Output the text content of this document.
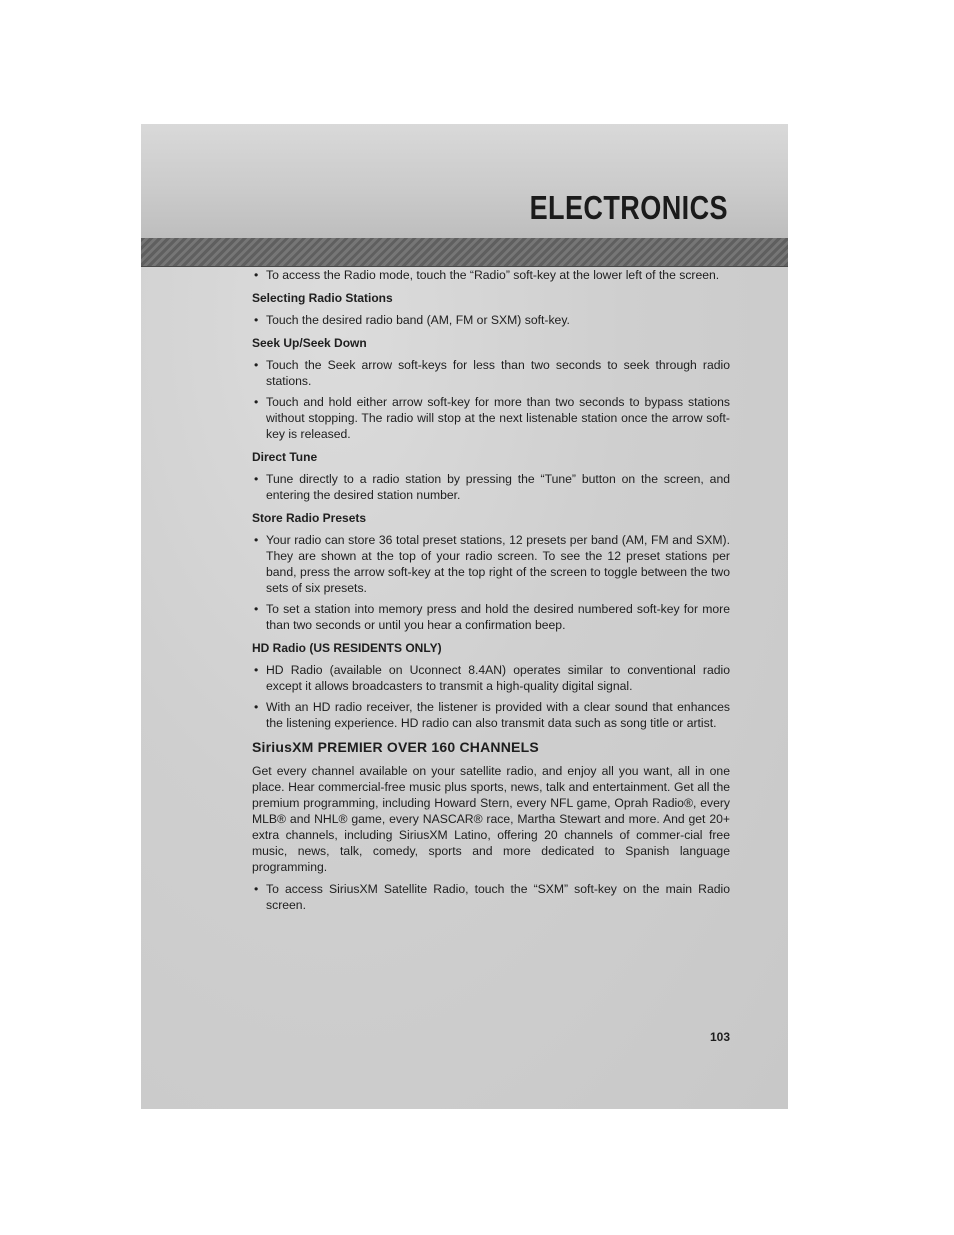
ELECTRONICS

• To access the Radio mode, touch the “Radio” soft-key at the lower left of the screen.

Selecting Radio Stations

• Touch the desired radio band (AM, FM or SXM) soft-key.

Seek Up/Seek Down

• Touch the Seek arrow soft-keys for less than two seconds to seek through radio stations.

• Touch and hold either arrow soft-key for more than two seconds to bypass stations without stopping. The radio will stop at the next listenable station once the arrow soft-key is released.

Direct Tune

• Tune directly to a radio station by pressing the “Tune” button on the screen, and entering the desired station number.

Store Radio Presets

• Your radio can store 36 total preset stations, 12 presets per band (AM, FM and SXM). They are shown at the top of your radio screen. To see the 12 preset stations per band, press the arrow soft-key at the top right of the screen to toggle between the two sets of six presets.

• To set a station into memory press and hold the desired numbered soft-key for more than two seconds or until you hear a confirmation beep.

HD Radio (US RESIDENTS ONLY)

• HD Radio (available on Uconnect 8.4AN) operates similar to conventional radio except it allows broadcasters to transmit a high-quality digital signal.

• With an HD radio receiver, the listener is provided with a clear sound that enhances the listening experience. HD radio can also transmit data such as song title or artist.

SiriusXM PREMIER OVER 160 CHANNELS

Get every channel available on your satellite radio, and enjoy all you want, all in one place. Hear commercial-free music plus sports, news, talk and entertainment. Get all the premium programming, including Howard Stern, every NFL game, Oprah Radio®, every MLB® and NHL® game, every NASCAR® race, Martha Stewart and more. And get 20+ extra channels, including SiriusXM Latino, offering 20 channels of commer-cial free music, news, talk, comedy, sports and more dedicated to Spanish language programming.

• To access SiriusXM Satellite Radio, touch the “SXM” soft-key on the main Radio screen.

103
